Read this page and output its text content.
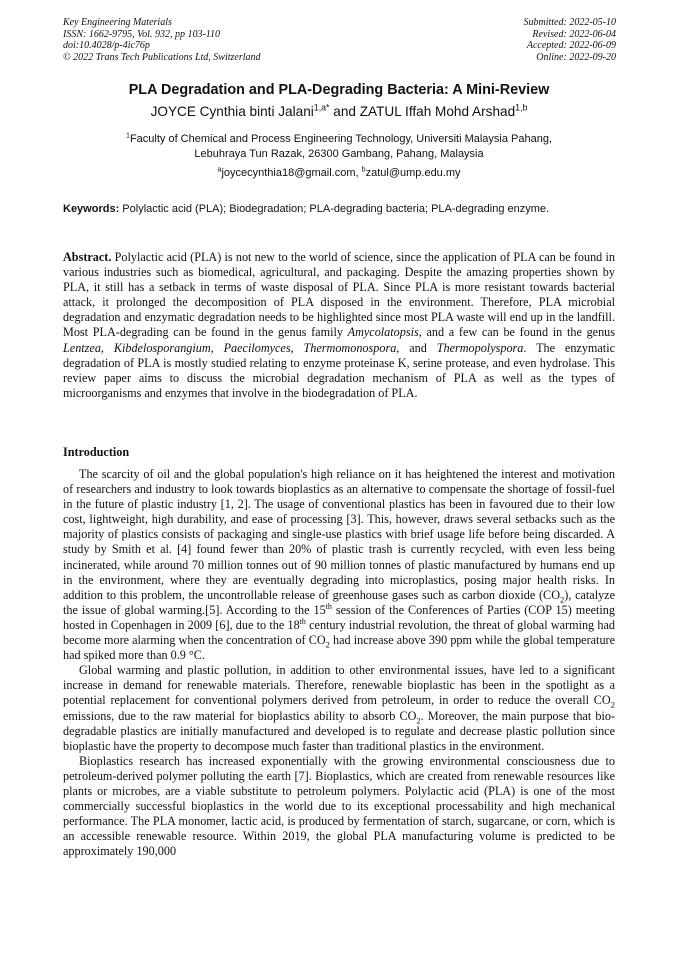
Key Engineering Materials
ISSN: 1662-9795, Vol. 932, pp 103-110
doi:10.4028/p-4ic76p
© 2022 Trans Tech Publications Ltd, Switzerland
Submitted: 2022-05-10
Revised: 2022-06-04
Accepted: 2022-06-09
Online: 2022-09-20
PLA Degradation and PLA-Degrading Bacteria: A Mini-Review
JOYCE Cynthia binti Jalani$^{1,a*}$ and ZATUL Iffah Mohd Arshad$^{1,b}$
$^1$Faculty of Chemical and Process Engineering Technology, Universiti Malaysia Pahang,
Lebuhraya Tun Razak, 26300 Gambang, Pahang, Malaysia
$^a$joycecynthia18@gmail.com, $^b$zatul@ump.edu.my
Keywords: Polylactic acid (PLA); Biodegradation; PLA-degrading bacteria; PLA-degrading enzyme.
Abstract. Polylactic acid (PLA) is not new to the world of science, since the application of PLA can be found in various industries such as biomedical, agricultural, and packaging. Despite the amazing properties shown by PLA, it still has a setback in terms of waste disposal of PLA. Since PLA is more resistant towards bacterial attack, it prolonged the decomposition of PLA disposed in the environment. Therefore, PLA microbial degradation and enzymatic degradation needs to be highlighted since most PLA waste will end up in the landfill. Most PLA-degrading can be found in the genus family Amycolatopsis, and a few can be found in the genus Lentzea, Kibdelosporangium, Paecilomyces, Thermomonospora, and Thermopolyspora. The enzymatic degradation of PLA is mostly studied relating to enzyme proteinase K, serine protease, and even hydrolase. This review paper aims to discuss the microbial degradation mechanism of PLA as well as the types of microorganisms and enzymes that involve in the biodegradation of PLA.
Introduction

The scarcity of oil and the global population's high reliance on it has heightened the interest and motivation of researchers and industry to look towards bioplastics as an alternative to compensate the shortage of fossil-fuel in the future of plastic industry [1, 2]. The usage of conventional plastics has been in favoured due to their low cost, lightweight, high durability, and ease of processing [3]. This, however, draws several setbacks such as the majority of plastics consists of packaging and single-use plastics with brief usage life before being discarded. A study by Smith et al. [4] found fewer than 20% of plastic trash is currently recycled, with even less being incinerated, while around 70 million tonnes out of 90 million tonnes of plastic manufactured by humans end up in the environment, where they are eventually degrading into microplastics, posing major health risks. In addition to this problem, the uncontrollable release of greenhouse gases such as carbon dioxide $(CO_2)$, catalyze the issue of global warming.[5]. According to the 15th session of the Conferences of Parties (COP 15) meeting hosted in Copenhagen in 2009 [6], due to the 18th century industrial revolution, the threat of global warming had become more alarming when the concentration of $CO_2$ had increase above 390 ppm while the global temperature had spiked more than 0.9 °C.

Global warming and plastic pollution, in addition to other environmental issues, have led to a significant increase in demand for renewable materials. Therefore, renewable bioplastic has been in the spotlight as a potential replacement for conventional polymers derived from petroleum, in order to reduce the overall $CO_2$ emissions, due to the raw material for bioplastics ability to absorb $CO_2$. Moreover, the main purpose that bio-degradable plastics are initially manufactured and developed is to regulate and decrease plastic pollution since bioplastic have the property to decompose much faster than traditional plastics in the environment.

Bioplastics research has increased exponentially with the growing environmental consciousness due to petroleum-derived polymer polluting the earth [7]. Bioplastics, which are created from renewable resources like plants or microbes, are a viable substitute to petroleum polymers. Polylactic acid (PLA) is one of the most commercially successful bioplastics in the world due to its exceptional processability and high mechanical performance. The PLA monomer, lactic acid, is produced by fermentation of starch, sugarcane, or corn, which is an accessible renewable resource. Within 2019, the global PLA manufacturing volume is predicted to be approximately 190,000
